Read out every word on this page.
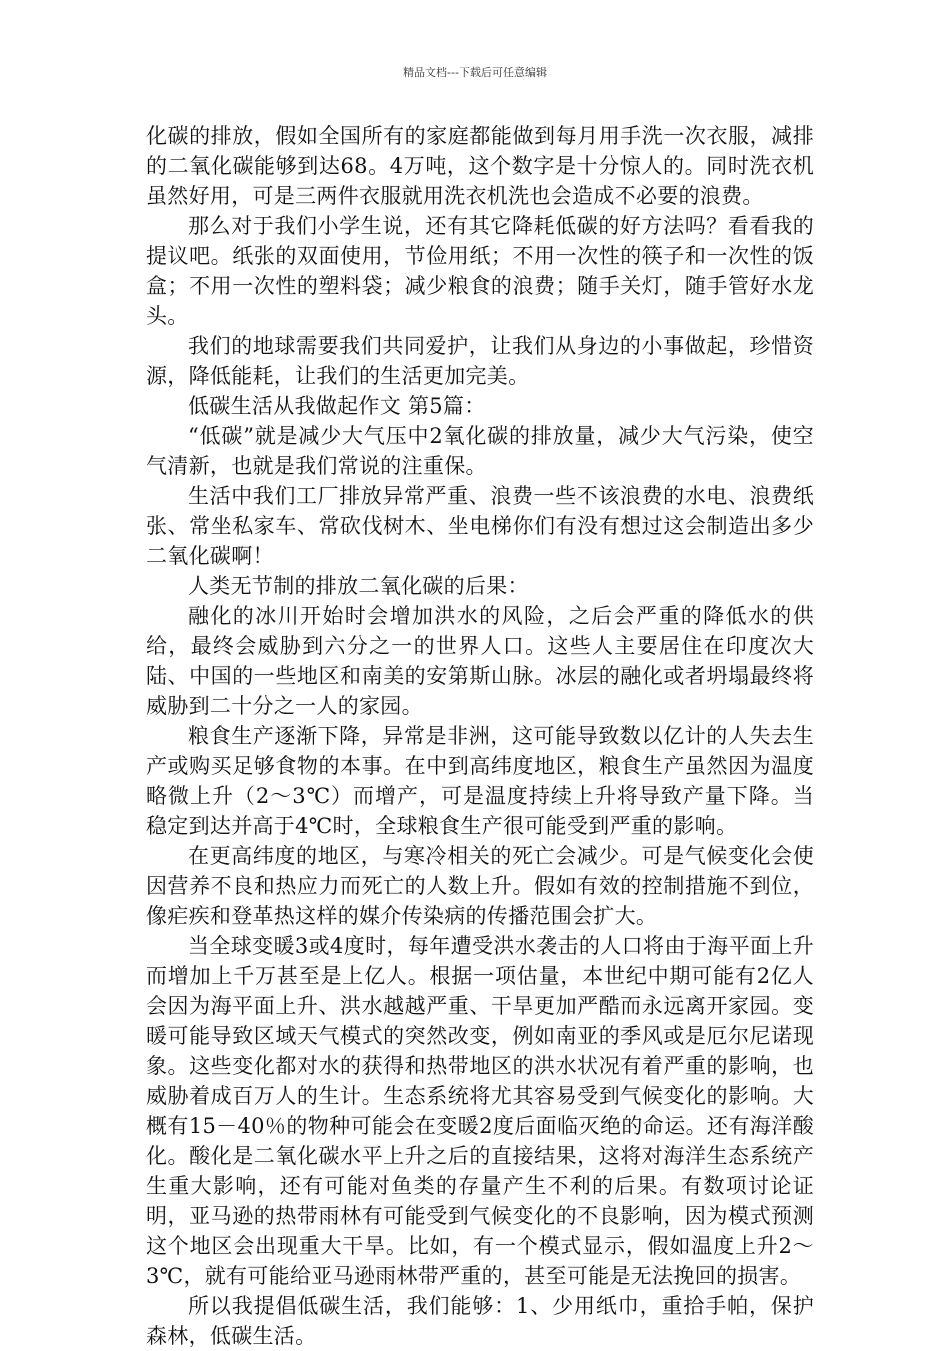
精品文档---下载后可任意编辑

化碳的排放，假如全国所有的家庭都能做到每月用手洗一次衣服，减排的二氧化碳能够到达68。4万吨，这个数字是十分惊人的。同时洗衣机虽然好用，可是三两件衣服就用洗衣机洗也会造成不必要的浪费。

那么对于我们小学生说，还有其它降耗低碳的好方法吗？看看我的提议吧。纸张的双面使用，节俭用纸；不用一次性的筷子和一次性的饭盒；不用一次性的塑料袋；减少粮食的浪费；随手关灯，随手管好水龙头。

我们的地球需要我们共同爱护，让我们从身边的小事做起，珍惜资源，降低能耗，让我们的生活更加完美。

低碳生活从我做起作文 第5篇：

“低碳”就是减少大气压中2氧化碳的排放量，减少大气污染，使空气清新，也就是我们常说的注重保。

生活中我们工厂排放异常严重、浪费一些不该浪费的水电、浪费纸张、常坐私家车、常砍伐树木、坐电梯你们有没有想过这会制造出多少二氧化碳啊！

人类无节制的排放二氧化碳的后果：

融化的冰川开始时会增加洪水的风险，之后会严重的降低水的供给，最终会威胁到六分之一的世界人口。这些人主要居住在印度次大陆、中国的一些地区和南美的安第斯山脉。冰层的融化或者坍塌最终将威胁到二十分之一人的家园。

粮食生产逐渐下降，异常是非洲，这可能导致数以亿计的人失去生产或购买足够食物的本事。在中到高纬度地区，粮食生产虽然因为温度略微上升（2～3℃）而增产，可是温度持续上升将导致产量下降。当稳定到达并高于4℃时，全球粮食生产很可能受到严重的影响。

在更高纬度的地区，与寒冷相关的死亡会减少。可是气候变化会使因营养不良和热应力而死亡的人数上升。假如有效的控制措施不到位，像疟疾和登革热这样的媒介传染病的传播范围会扩大。

当全球变暖3或4度时，每年遭受洪水袭击的人口将由于海平面上升而增加上千万甚至是上亿人。根据一项估量，本世纪中期可能有2亿人会因为海平面上升、洪水越越严重、干旱更加严酷而永远离开家园。变暖可能导致区域天气模式的突然改变，例如南亚的季风或是厄尔尼诺现象。这些变化都对水的获得和热带地区的洪水状况有着严重的影响，也威胁着成百万人的生计。生态系统将尤其容易受到气候变化的影响。大概有15－40％的物种可能会在变暖2度后面临灭绝的命运。还有海洋酸化。酸化是二氧化碳水平上升之后的直接结果，这将对海洋生态系统产生重大影响，还有可能对鱼类的存量产生不利的后果。有数项讨论证明，亚马逊的热带雨林有可能受到气候变化的不良影响，因为模式预测这个地区会出现重大干旱。比如，有一个模式显示，假如温度上升2～3℃，就有可能给亚马逊雨林带严重的，甚至可能是无法挽回的损害。

所以我提倡低碳生活，我们能够：1、少用纸巾，重拾手帕，保护森林，低碳生活。
